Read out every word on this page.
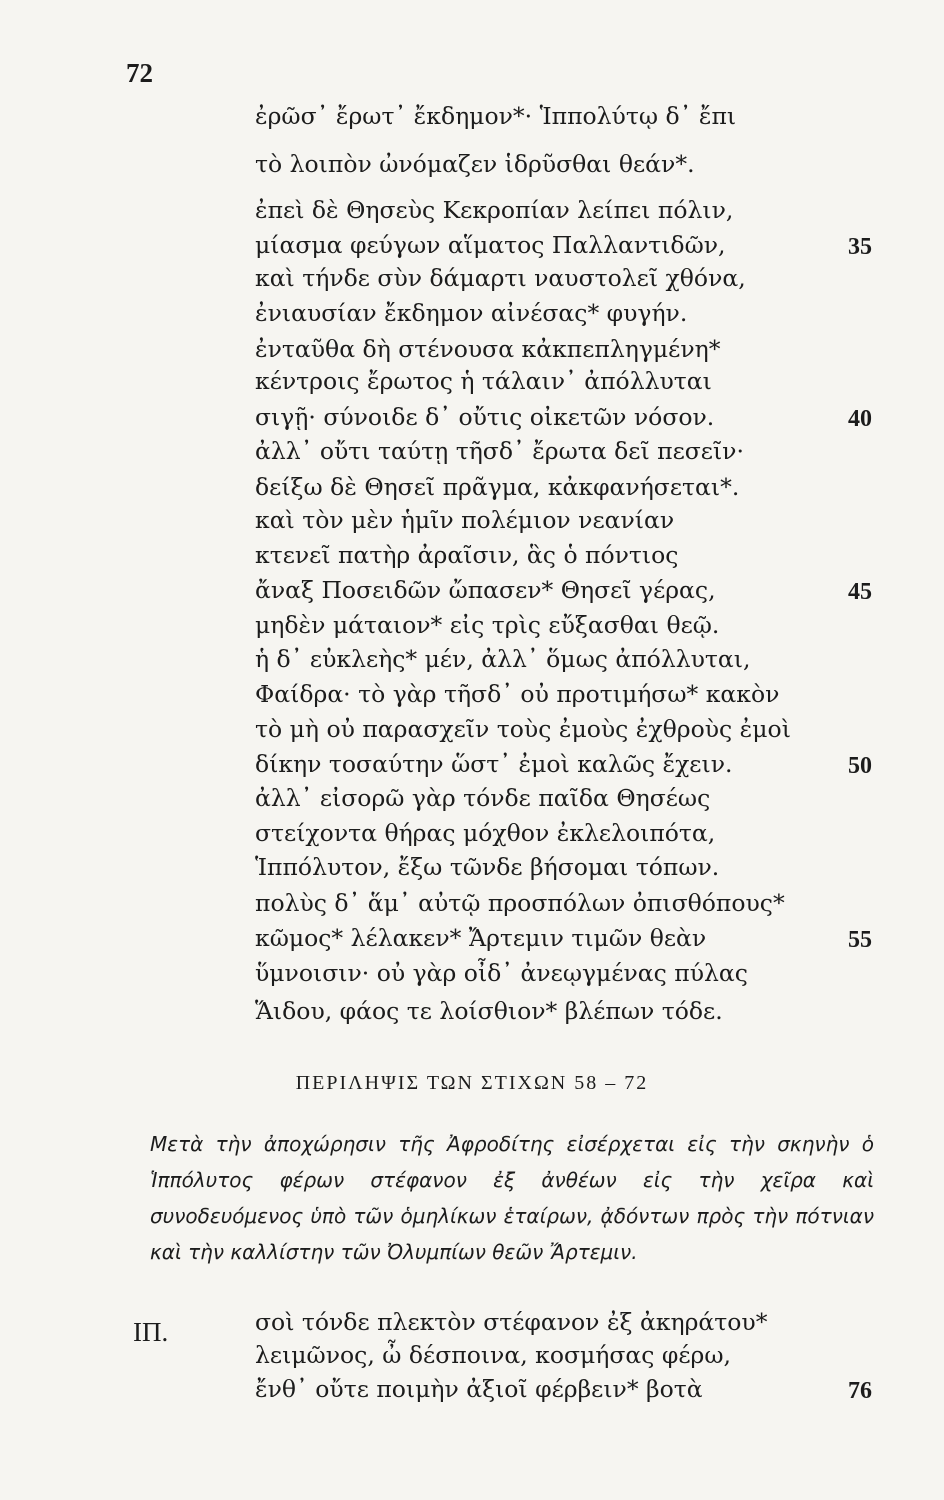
72
ἐρῶσ᾽ ἔρωτ᾽ ἔκδημον*· Ἱππολύτῳ δ᾽ ἔπι
τὸ λοιπὸν ὠνόμαζεν ἱδρῦσθαι θεάν*.
ἐπεὶ δὲ Θησεὺς Κεκροπίαν λείπει πόλιν,
μίασμα φεύγων αἵματος Παλλαντιδῶν,	35
καὶ τήνδε σὺν δάμαρτι ναυστολεῖ χθόνα,
ἐνιαυσίαν ἔκδημον αἰνέσας* φυγήν.
ἐνταῦθα δὴ στένουσα κἀκπεπληγμένη*
κέντροις ἔρωτος ἡ τάλαιν᾽ ἀπόλλυται
σιγῇ· σύνοιδε δ᾽ οὔτις οἰκετῶν νόσον.	40
ἀλλ᾽ οὔτι ταύτῃ τῆσδ᾽ ἔρωτα δεῖ πεσεῖν·
δείξω δὲ Θησεῖ πρᾶγμα, κἀκφανήσεται*.
καὶ τὸν μὲν ἡμῖν πολέμιον νεανίαν
κτενεῖ πατὴρ ἀραῖσιν, ἃς ὁ πόντιος
ἄναξ Ποσειδῶν ὤπασεν* Θησεῖ γέρας,	45
μηδὲν μάταιον* εἰς τρὶς εὔξασθαι θεῷ.
ἡ δ᾽ εὐκλεὴς* μέν, ἀλλ᾽ ὅμως ἀπόλλυται,
Φαίδρα· τὸ γὰρ τῆσδ᾽ οὐ προτιμήσω* κακὸν
τὸ μὴ οὐ παρασχεῖν τοὺς ἐμοὺς ἐχθροὺς ἐμοὶ
δίκην τοσαύτην ὥστ᾽ ἐμοὶ καλῶς ἔχειν.	50
ἀλλ᾽ εἰσορῶ γὰρ τόνδε παῖδα Θησέως
στείχοντα θήρας μόχθον ἐκλελοιπότα,
Ἱππόλυτον, ἔξω τῶνδε βήσομαι τόπων.
πολὺς δ᾽ ἅμ᾽ αὐτῷ προσπόλων ὀπισθόπους*
κῶμος* λέλακεν* Ἄρτεμιν τιμῶν θεὰν	55
ὕμνοισιν· οὐ γὰρ οἶδ᾽ ἀνεῳγμένας πύλας
Ἅιδου, φάος τε λοίσθιον* βλέπων τόδε.
ΠΕΡΙΛΗΨΙΣ ΤΩΝ ΣΤΙΧΩΝ 58 – 72
Μετὰ τὴν ἀποχώρησιν τῆς Ἀφροδίτης εἰσέρχεται εἰς τὴν σκηνὴν ὁ Ἱππόλυτος φέρων στέφανον ἐξ ἀνθέων εἰς τὴν χεῖρα καὶ συνοδευόμενος ὑπὸ τῶν ὁμηλίκων ἑταίρων, ᾀδόντων πρὸς τὴν πότνιαν καὶ τὴν καλλίστην τῶν Ὀλυμπίων θεῶν Ἄρτεμιν.
ΙΠ.	σοὶ τόνδε πλεκτὸν στέφανον ἐξ ἀκηράτου*
λειμῶνος, ὦ δέσποινα, κοσμήσας φέρω,
ἔνθ᾽ οὔτε ποιμὴν ἀξιοῖ φέρβειν* βοτὰ	76
